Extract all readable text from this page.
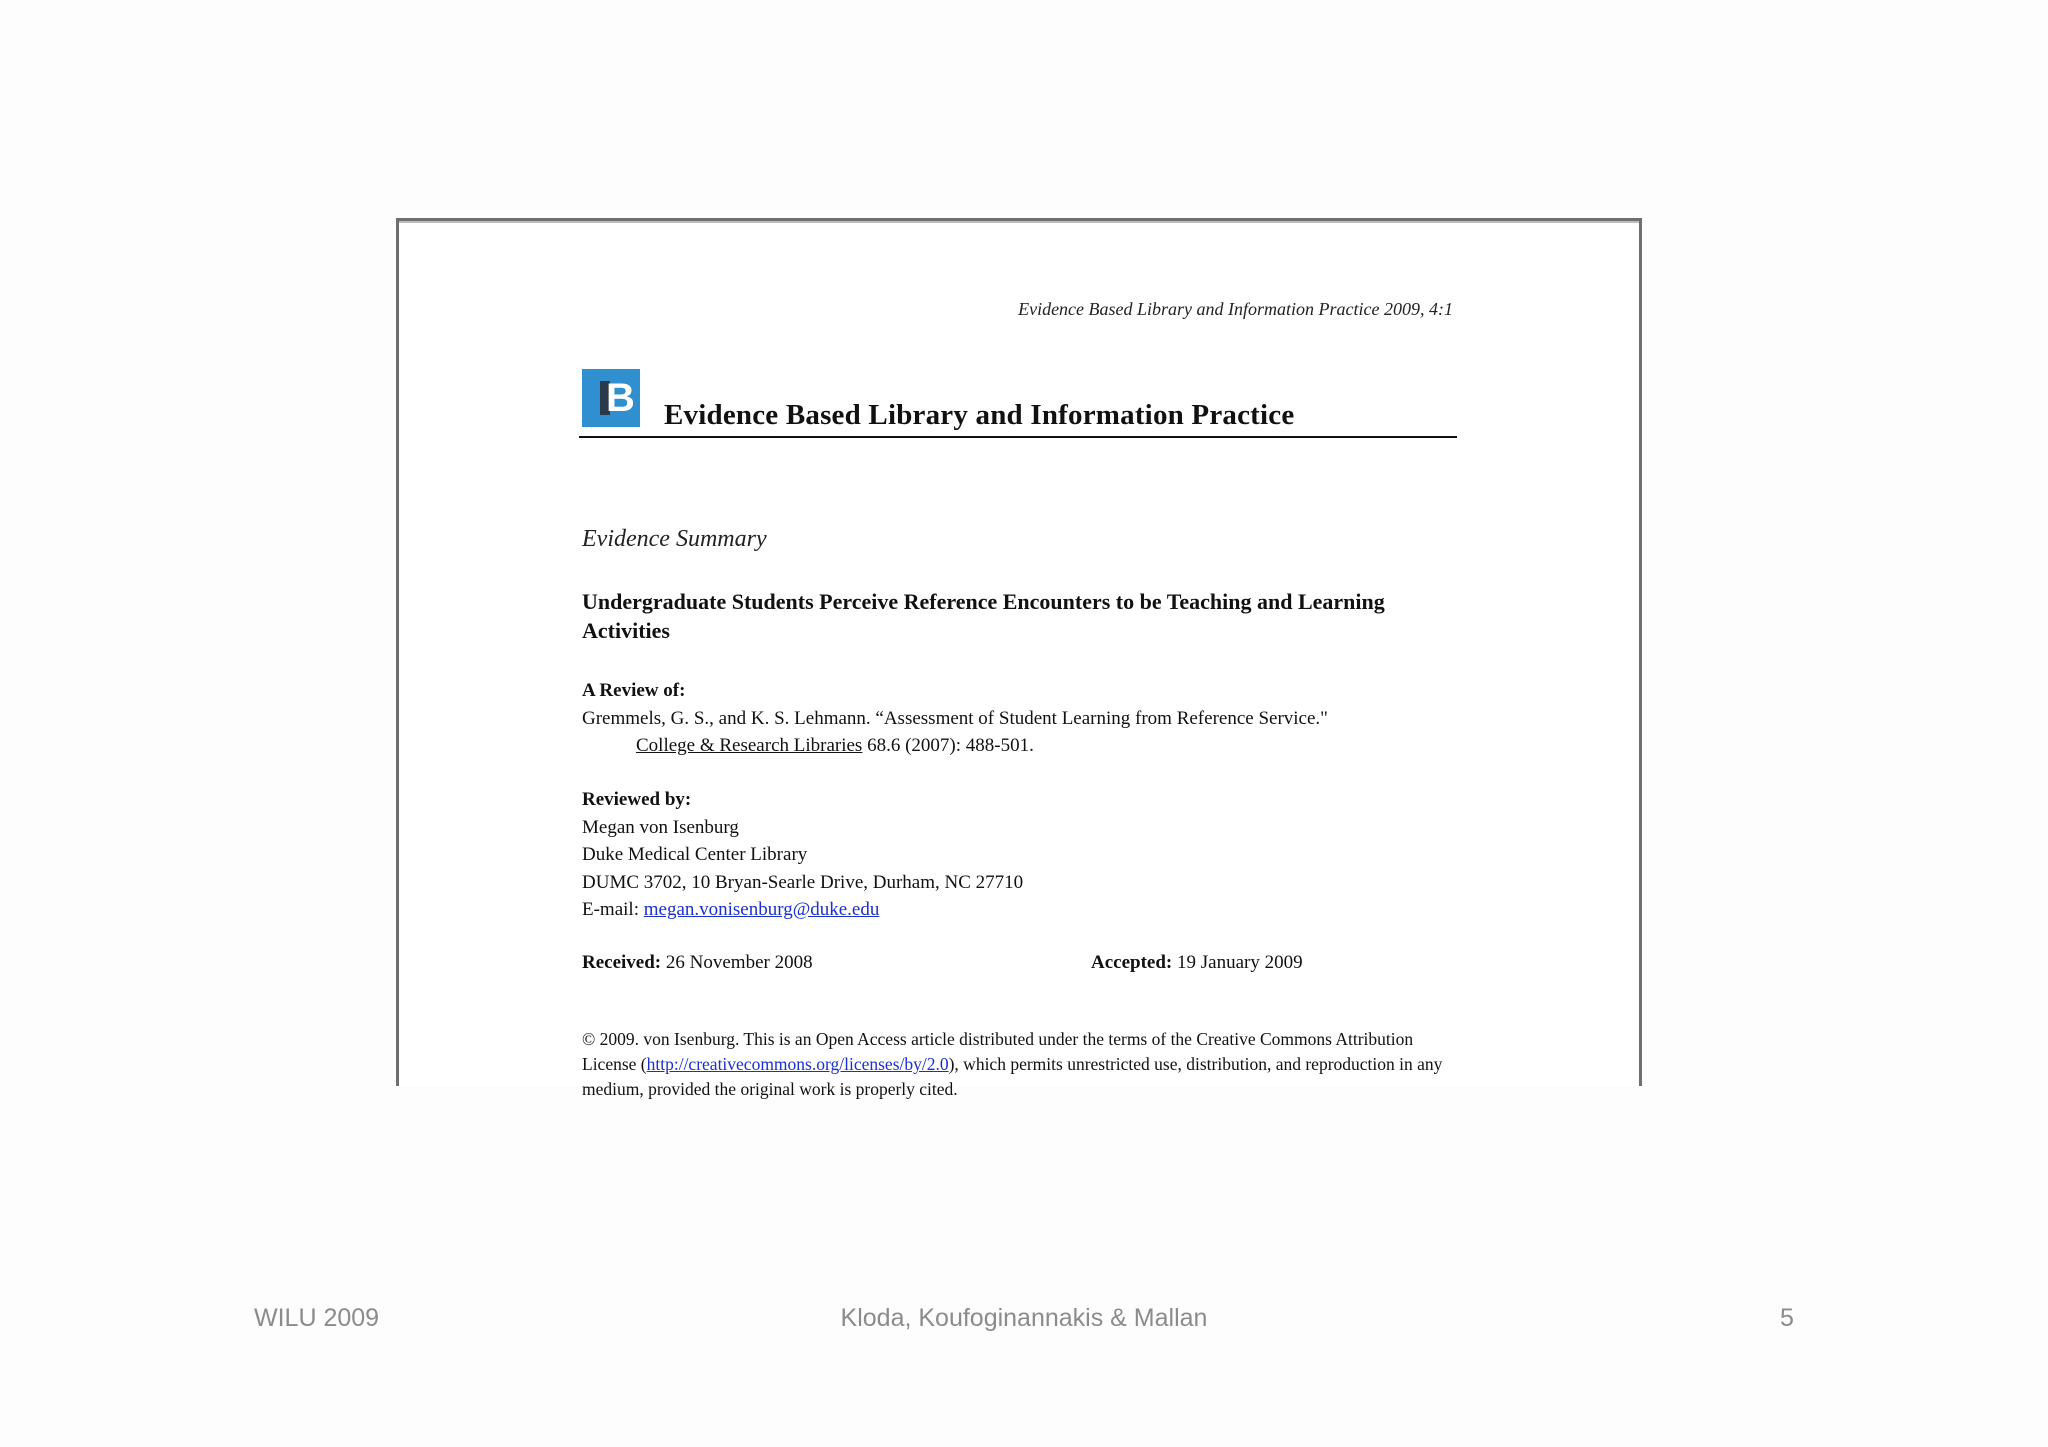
Evidence Based Library and Information Practice 2009, 4:1
B Evidence Based Library and Information Practice
Evidence Summary
Undergraduate Students Perceive Reference Encounters to be Teaching and Learning Activities
A Review of:
Gremmels, G. S., and K. S. Lehmann. “Assessment of Student Learning from Reference Service."
College & Research Libraries 68.6 (2007): 488-501.
Reviewed by:
Megan von Isenburg
Duke Medical Center Library
DUMC 3702, 10 Bryan-Searle Drive, Durham, NC 27710
E-mail: megan.vonisenburg@duke.edu
Received: 26 November 2008	Accepted: 19 January 2009
© 2009. von Isenburg. This is an Open Access article distributed under the terms of the Creative Commons Attribution License (http://creativecommons.org/licenses/by/2.0), which permits unrestricted use, distribution, and reproduction in any medium, provided the original work is properly cited.
WILU 2009	Kloda, Koufoginannakis & Mallan	5
